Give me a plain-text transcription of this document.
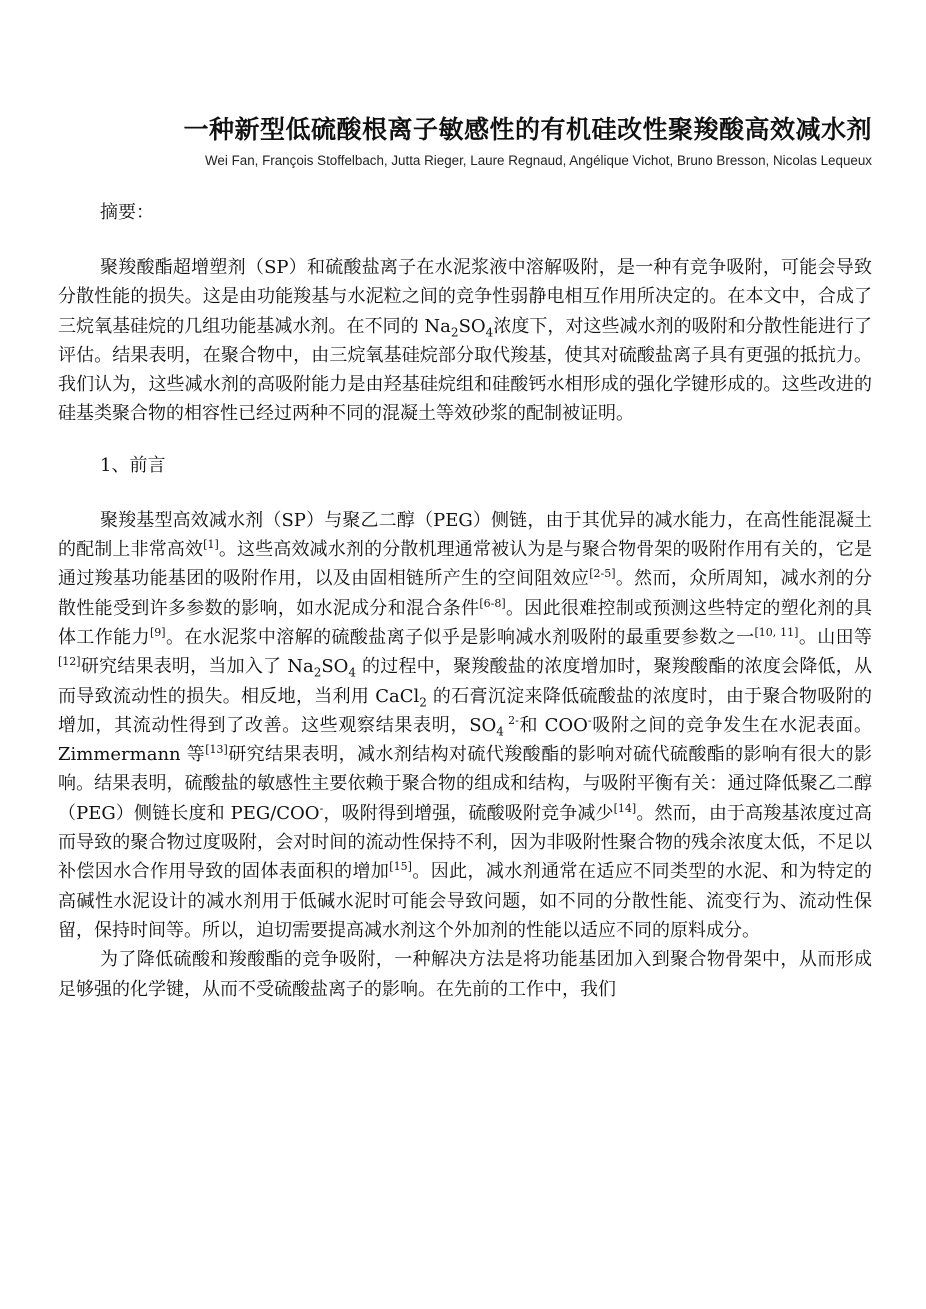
一种新型低硫酸根离子敏感性的有机硅改性聚羧酸高效减水剂

Wei Fan, François Stoffelbach, Jutta Rieger, Laure Regnaud, Angélique Vichot, Bruno Bresson, Nicolas Lequeux

摘要：

聚羧酸酯超增塑剂（SP）和硫酸盐离子在水泥浆液中溶解吸附，是一种有竞争吸附，可能会导致分散性能的损失。这是由功能羧基与水泥粒之间的竞争性弱静电相互作用所决定的。在本文中，合成了三烷氧基硅烷的几组功能基减水剂。在不同的 $Na_2SO_4$浓度下，对这些减水剂的吸附和分散性能进行了评估。结果表明，在聚合物中，由三烷氧基硅烷部分取代羧基，使其对硫酸盐离子具有更强的抵抗力。我们认为，这些减水剂的高吸附能力是由羟基硅烷组和硅酸钙水相形成的强化学键形成的。这些改进的硅基类聚合物的相容性已经过两种不同的混凝土等效砂浆的配制被证明。

1、前言

聚羧基型高效减水剂（SP）与聚乙二醇（PEG）侧链，由于其优异的减水能力，在高性能混凝土的配制上非常高效[1]。这些高效减水剂的分散机理通常被认为是与聚合物骨架的吸附作用有关的，它是通过羧基功能基团的吸附作用，以及由固相链所产生的空间阻效应[2-5]。然而，众所周知，减水剂的分散性能受到许多参数的影响，如水泥成分和混合条件[6-8]。因此很难控制或预测这些特定的塑化剂的具体工作能力[9]。在水泥浆中溶解的硫酸盐离子似乎是影响减水剂吸附的最重要参数之一[10, 11]。山田等[12]研究结果表明，当加入了 $Na_2SO_4$ 的过程中，聚羧酸盐的浓度增加时，聚羧酸酯的浓度会降低，从而导致流动性的损失。相反地，当利用 CaCl$_2$ 的石膏沉淀来降低硫酸盐的浓度时，由于聚合物吸附的增加，其流动性得到了改善。这些观察结果表明，$SO_4$ $^{2-}$和 COO-吸附之间的竞争发生在水泥表面。Zimmermann 等[13]研究结果表明，减水剂结构对硫代羧酸酯的影响对硫代硫酸酯的影响有很大的影响。结果表明，硫酸盐的敏感性主要依赖于聚合物的组成和结构，与吸附平衡有关：通过降低聚乙二醇（PEG）侧链长度和 PEG/COO-，吸附得到增强，硫酸吸附竞争减少[14]。然而，由于高羧基浓度过高而导致的聚合物过度吸附，会对时间的流动性保持不利，因为非吸附性聚合物的残余浓度太低，不足以补偿因水合作用导致的固体表面积的增加[15]。因此，减水剂通常在适应不同类型的水泥、和为特定的高碱性水泥设计的减水剂用于低碱水泥时可能会导致问题，如不同的分散性能、流变行为、流动性保留，保持时间等。所以，迫切需要提高减水剂这个外加剂的性能以适应不同的原料成分。

为了降低硫酸和羧酸酯的竞争吸附，一种解决方法是将功能基团加入到聚合物骨架中，从而形成足够强的化学键，从而不受硫酸盐离子的影响。在先前的工作中，我们
